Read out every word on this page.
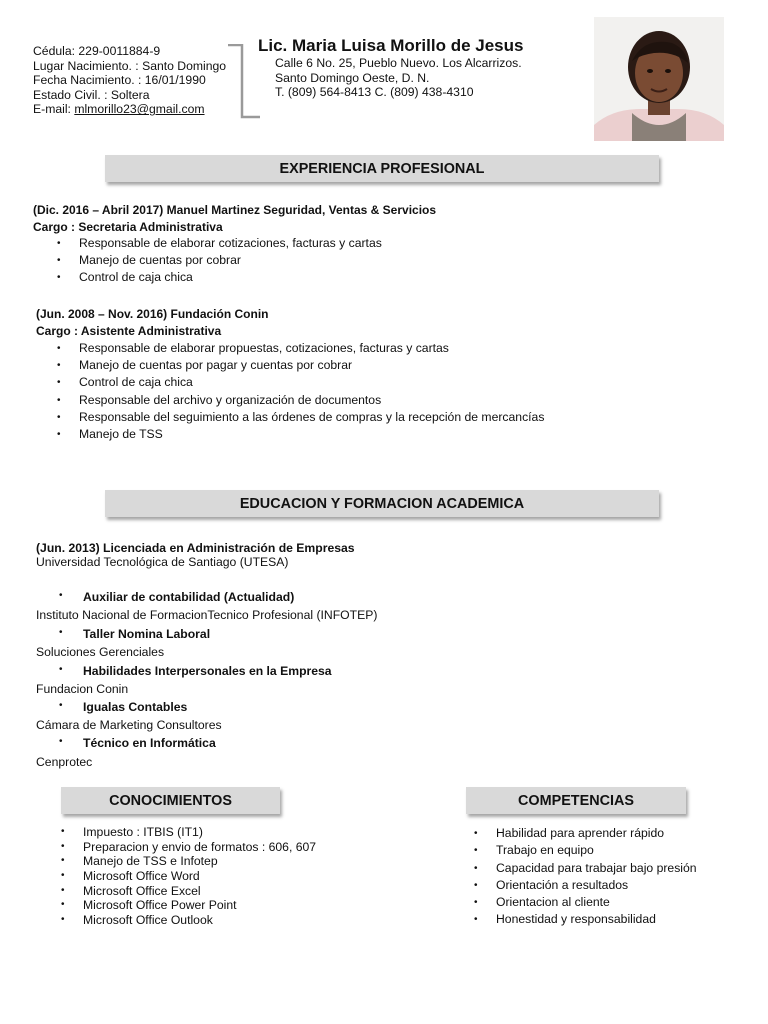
Cédula: 229-0011884-9
Lugar Nacimiento. : Santo Domingo
Fecha Nacimiento. : 16/01/1990
Estado Civil. : Soltera
E-mail: mlmorillo23@gmail.com
Lic. Maria Luisa Morillo de Jesus
Calle 6 No. 25, Pueblo Nuevo. Los Alcarrizos.
Santo Domingo Oeste, D. N.
T. (809) 564-8413 C. (809) 438-4310
EXPERIENCIA PROFESIONAL
(Dic. 2016 – Abril 2017) Manuel Martinez Seguridad, Ventas & Servicios
Cargo : Secretaria Administrativa
• Responsable de elaborar cotizaciones, facturas y cartas
• Manejo de cuentas por cobrar
• Control de caja chica
(Jun. 2008 – Nov. 2016) Fundación Conin
Cargo : Asistente Administrativa
• Responsable de elaborar propuestas, cotizaciones, facturas y cartas
• Manejo de cuentas por pagar y cuentas por cobrar
• Control de caja chica
• Responsable del archivo y organización de documentos
• Responsable del seguimiento a las órdenes de compras y la recepción de mercancías
• Manejo de TSS
EDUCACION Y FORMACION ACADEMICA
(Jun. 2013) Licenciada en Administración de Empresas
Universidad Tecnológica de Santiago (UTESA)
• Auxiliar de contabilidad (Actualidad)
Instituto Nacional de FormacionTecnico Profesional (INFOTEP)
• Taller Nomina Laboral
Soluciones Gerenciales
• Habilidades Interpersonales en la Empresa
Fundacion Conin
• Igualas Contables
Cámara de Marketing Consultores
• Técnico en Informática
Cenprotec
CONOCIMIENTOS	COMPETENCIAS
• Impuesto : ITBIS (IT1)
• Preparacion y envio de formatos : 606, 607
• Manejo de TSS e Infotep
• Microsoft Office Word
• Microsoft Office Excel
• Microsoft Office Power Point
• Microsoft Office Outlook
• Habilidad para aprender rápido
• Trabajo en equipo
• Capacidad para trabajar bajo presión
• Orientación a resultados
• Orientacion al cliente
• Honestidad y responsabilidad
